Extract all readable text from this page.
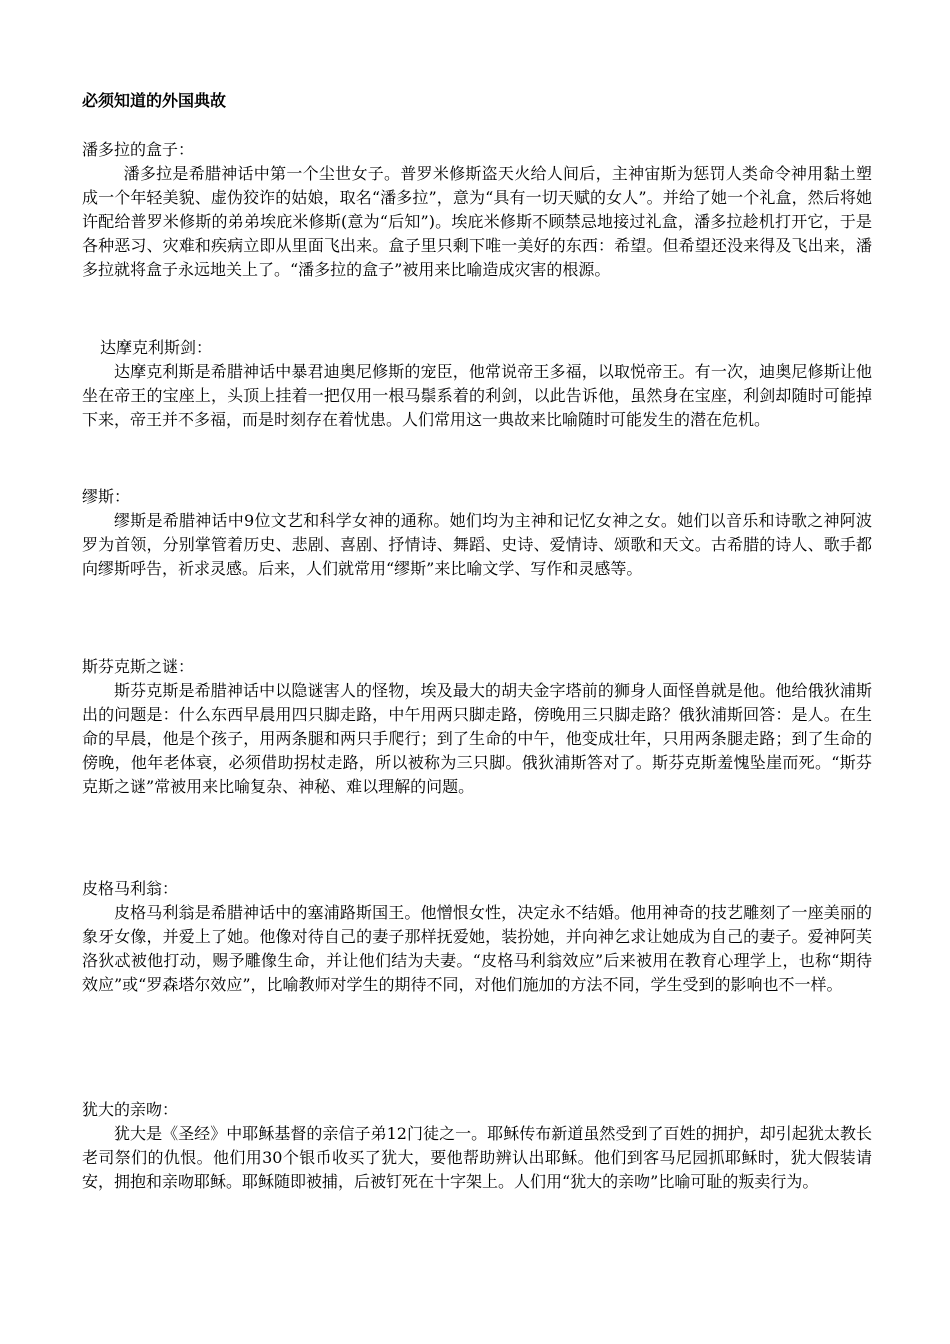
必须知道的外国典故
潘多拉的盒子：

潘多拉是希腊神话中第一个尘世女子。普罗米修斯盗天火给人间后，主神宙斯为惩罚人类命令神用黏土塑成一个年轻美貌、虚伪狡诈的姑娘，取名“潘多拉”，意为“具有一切天赋的女人”。并给了她一个礼盒，然后将她许配给普罗米修斯的弟弟埃庇米修斯(意为“后知”)。埃庇米修斯不顾禁忌地接过礼盒，潘多拉趁机打开它，于是各种恶习、灾难和疾病立即从里面飞出来。盒子里只剩下唯一美好的东西：希望。但希望还没来得及飞出来，潘多拉就将盒子永远地关上了。“潘多拉的盒子”被用来比喻造成灾害的根源。

达摩克利斯剑：

达摩克利斯是希腊神话中暴君迪奥尼修斯的宠臣，他常说帝王多福，以取悦帝王。有一次，迪奥尼修斯让他坐在帝王的宝座上，头顶上挂着一把仅用一根马鬃系着的利剑，以此告诉他，虽然身在宝座，利剑却随时可能掉下来，帝王并不多福，而是时刻存在着忧患。人们常用这一典故来比喻随时可能发生的潜在危机。

缪斯：

缪斯是希腊神话中9位文艺和科学女神的通称。她们均为主神和记忆女神之女。她们以音乐和诗歌之神阿波罗为首领，分别掌管着历史、悲剧、喜剧、抒情诗、舞蹈、史诗、爱情诗、颂歌和天文。古希腊的诗人、歌手都向缪斯呼告，祈求灵感。后来，人们就常用“缪斯”来比喻文学、写作和灵感等。

斯芬克斯之谜：

斯芬克斯是希腊神话中以隐谜害人的怪物，埃及最大的胡夫金字塔前的狮身人面怪兽就是他。他给俄狄浦斯出的问题是：什么东西早晨用四只脚走路，中午用两只脚走路，傍晚用三只脚走路？俄狄浦斯回答：是人。在生命的早晨，他是个孩子，用两条腿和两只手爬行；到了生命的中午，他变成壮年，只用两条腿走路；到了生命的傍晚，他年老体衰，必须借助拐杖走路，所以被称为三只脚。俄狄浦斯答对了。斯芬克斯羞愧坠崖而死。“斯芬克斯之谜”常被用来比喻复杂、神秘、难以理解的问题。

皮格马利翁：

皮格马利翁是希腊神话中的塞浦路斯国王。他憎恨女性，决定永不结婚。他用神奇的技艺雕刻了一座美丽的象牙女像，并爱上了她。他像对待自己的妻子那样抚爱她，装扮她，并向神乞求让她成为自己的妻子。爱神阿芙洛狄忒被他打动，赐予雕像生命，并让他们结为夫妻。“皮格马利翁效应”后来被用在教育心理学上，也称“期待效应”或“罗森塔尔效应”，比喻教师对学生的期待不同，对他们施加的方法不同，学生受到的影响也不一样。

犹大的亲吻：

犹大是《圣经》中耶稣基督的亲信子弟12门徒之一。耶稣传布新道虽然受到了百姓的拥护，却引起犹太教长老司祭们的仇恨。他们用30个银币收买了犹大，要他帮助辨认出耶稣。他们到客马尼园抓耶稣时，犹大假装请安，拥抱和亲吻耶稣。耶稣随即被捕，后被钉死在十字架上。人们用“犹大的亲吻”比喻可耻的叛卖行为。
